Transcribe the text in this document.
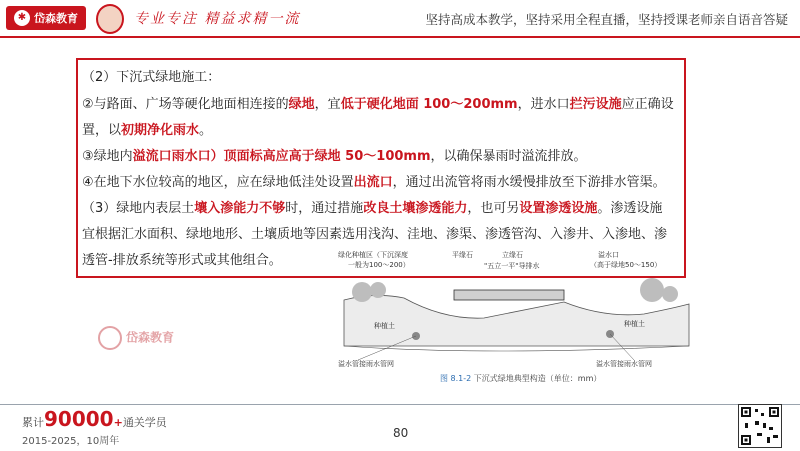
✱ 岱森教育	专业专注 精益求精一流	坚持高成本教学，坚持采用全程直播，坚持授课老师亲自语音答疑
（2）下沉式绿地施工：
②与路面、广场等硬化地面相连接的绿地，宜低于硬化地面 100～200mm，进水口拦污设施应正确设
置，以初期净化雨水。
③绿地内溢流口雨水口）顶面标高应高于绿地 50～100mm，以确保暴雨时溢流排放。
④在地下水位较高的地区，应在绿地低洼处设置出流口，通过出流管将雨水缓慢排放至下游排水管渠。
（3）绿地内表层土壤入渗能力不够时，通过措施改良土壤渗透能力，也可另设置渗透设施。渗透设施
宜根据汇水面积、绿地地形、土壤质地等因素选用浅沟、洼地、渗渠、渗透管沟、入渗井、入渗地、渗
透管-排放系统等形式或其他组合。
岱森教育
绿化种植区（下沉深度
一般为100～200）
平缘石	立缘石
"五立一平"导排水
溢水口
（高于绿地50～150）
种植土	种植土
溢水管接雨水管网	溢水管接雨水管网
图 8.1-2 下沉式绿地典型构造（单位：mm）
累计90000+通关学员
2015-2025，10周年
80
